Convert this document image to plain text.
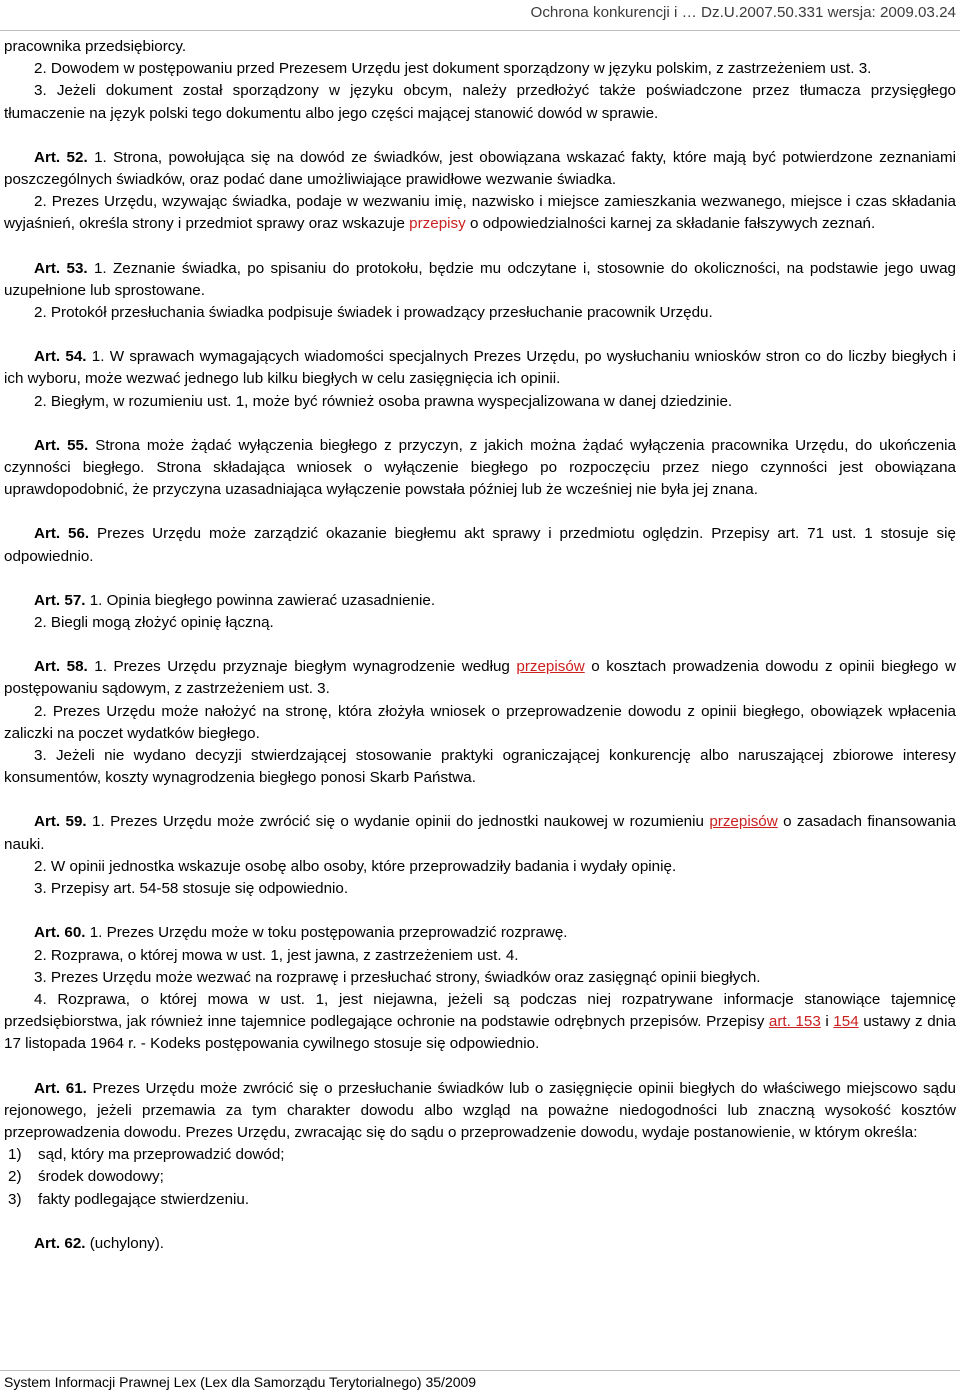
Ochrona konkurencji i … Dz.U.2007.50.331 wersja: 2009.03.24

pracownika przedsiębiorcy.

2. Dowodem w postępowaniu przed Prezesem Urzędu jest dokument sporządzony w języku polskim, z zastrzeżeniem ust. 3.

3. Jeżeli dokument został sporządzony w języku obcym, należy przedłożyć także poświadczone przez tłumacza przysięgłego tłumaczenie na język polski tego dokumentu albo jego części mającej stanowić dowód w sprawie.

Art. 52. 1. Strona, powołująca się na dowód ze świadków, jest obowiązana wskazać fakty, które mają być potwierdzone zeznaniami poszczególnych świadków, oraz podać dane umożliwiające prawidłowe wezwanie świadka.

2. Prezes Urzędu, wzywając świadka, podaje w wezwaniu imię, nazwisko i miejsce zamieszkania wezwanego, miejsce i czas składania wyjaśnień, określa strony i przedmiot sprawy oraz wskazuje przepisy o odpowiedzialności karnej za składanie fałszywych zeznań.

Art. 53. 1. Zeznanie świadka, po spisaniu do protokołu, będzie mu odczytane i, stosownie do okoliczności, na podstawie jego uwag uzupełnione lub sprostowane.

2. Protokół przesłuchania świadka podpisuje świadek i prowadzący przesłuchanie pracownik Urzędu.

Art. 54. 1. W sprawach wymagających wiadomości specjalnych Prezes Urzędu, po wysłuchaniu wniosków stron co do liczby biegłych i ich wyboru, może wezwać jednego lub kilku biegłych w celu zasięgnięcia ich opinii.

2. Biegłym, w rozumieniu ust. 1, może być również osoba prawna wyspecjalizowana w danej dziedzinie.

Art. 55. Strona może żądać wyłączenia biegłego z przyczyn, z jakich można żądać wyłączenia pracownika Urzędu, do ukończenia czynności biegłego. Strona składająca wniosek o wyłączenie biegłego po rozpoczęciu przez niego czynności jest obowiązana uprawdopodobnić, że przyczyna uzasadniająca wyłączenie powstała później lub że wcześniej nie była jej znana.

Art. 56. Prezes Urzędu może zarządzić okazanie biegłemu akt sprawy i przedmiotu oględzin. Przepisy art. 71 ust. 1 stosuje się odpowiednio.

Art. 57. 1. Opinia biegłego powinna zawierać uzasadnienie.

2. Biegli mogą złożyć opinię łączną.

Art. 58. 1. Prezes Urzędu przyznaje biegłym wynagrodzenie według przepisów o kosztach prowadzenia dowodu z opinii biegłego w postępowaniu sądowym, z zastrzeżeniem ust. 3.

2. Prezes Urzędu może nałożyć na stronę, która złożyła wniosek o przeprowadzenie dowodu z opinii biegłego, obowiązek wpłacenia zaliczki na poczet wydatków biegłego.

3. Jeżeli nie wydano decyzji stwierdzającej stosowanie praktyki ograniczającej konkurencję albo naruszającej zbiorowe interesy konsumentów, koszty wynagrodzenia biegłego ponosi Skarb Państwa.

Art. 59. 1. Prezes Urzędu może zwrócić się o wydanie opinii do jednostki naukowej w rozumieniu przepisów o zasadach finansowania nauki.

2. W opinii jednostka wskazuje osobę albo osoby, które przeprowadziły badania i wydały opinię.

3. Przepisy art. 54-58 stosuje się odpowiednio.

Art. 60. 1. Prezes Urzędu może w toku postępowania przeprowadzić rozprawę.

2. Rozprawa, o której mowa w ust. 1, jest jawna, z zastrzeżeniem ust. 4.

3. Prezes Urzędu może wezwać na rozprawę i przesłuchać strony, świadków oraz zasięgnąć opinii biegłych.

4. Rozprawa, o której mowa w ust. 1, jest niejawna, jeżeli są podczas niej rozpatrywane informacje stanowiące tajemnicę przedsiębiorstwa, jak również inne tajemnice podlegające ochronie na podstawie odrębnych przepisów. Przepisy art. 153 i 154 ustawy z dnia 17 listopada 1964 r. - Kodeks postępowania cywilnego stosuje się odpowiednio.

Art. 61. Prezes Urzędu może zwrócić się o przesłuchanie świadków lub o zasięgnięcie opinii biegłych do właściwego miejscowo sądu rejonowego, jeżeli przemawia za tym charakter dowodu albo wzgląd na poważne niedogodności lub znaczną wysokość kosztów przeprowadzenia dowodu. Prezes Urzędu, zwracając się do sądu o przeprowadzenie dowodu, wydaje postanowienie, w którym określa:

1) sąd, który ma przeprowadzić dowód;

2) środek dowodowy;

3) fakty podlegające stwierdzeniu.

Art. 62. (uchylony).

System Informacji Prawnej Lex (Lex dla Samorządu Terytorialnego) 35/2009
